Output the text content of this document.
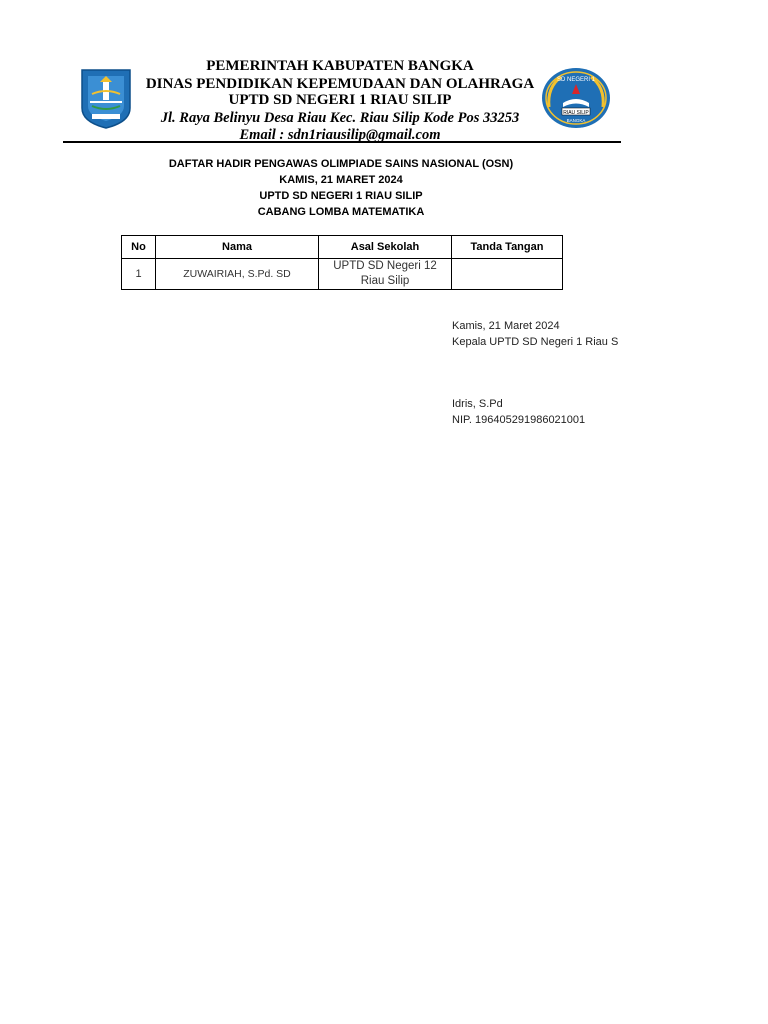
PEMERINTAH KABUPATEN BANGKA
DINAS PENDIDIKAN KEPEMUDAAN DAN OLAHRAGA
UPTD SD NEGERI 1 RIAU SILIP
Jl. Raya Belinyu Desa Riau Kec. Riau Silip Kode Pos 33253
Email : sdn1riausilip@gmail.com
SD NEGERI 1
RIAU SILIP
BANGKA
DAFTAR HADIR PENGAWAS OLIMPIADE SAINS NASIONAL (OSN)
KAMIS, 21 MARET 2024
UPTD SD NEGERI 1 RIAU SILIP
CABANG LOMBA MATEMATIKA
No	Nama	Asal Sekolah	Tanda Tangan
1	ZUWAIRIAH, S.Pd. SD	UPTD SD Negeri 12
Riau Silip	

Kamis, 21 Maret 2024
Kepala UPTD SD Negeri 1 Riau S
Idris, S.Pd
NIP. 196405291986021001
